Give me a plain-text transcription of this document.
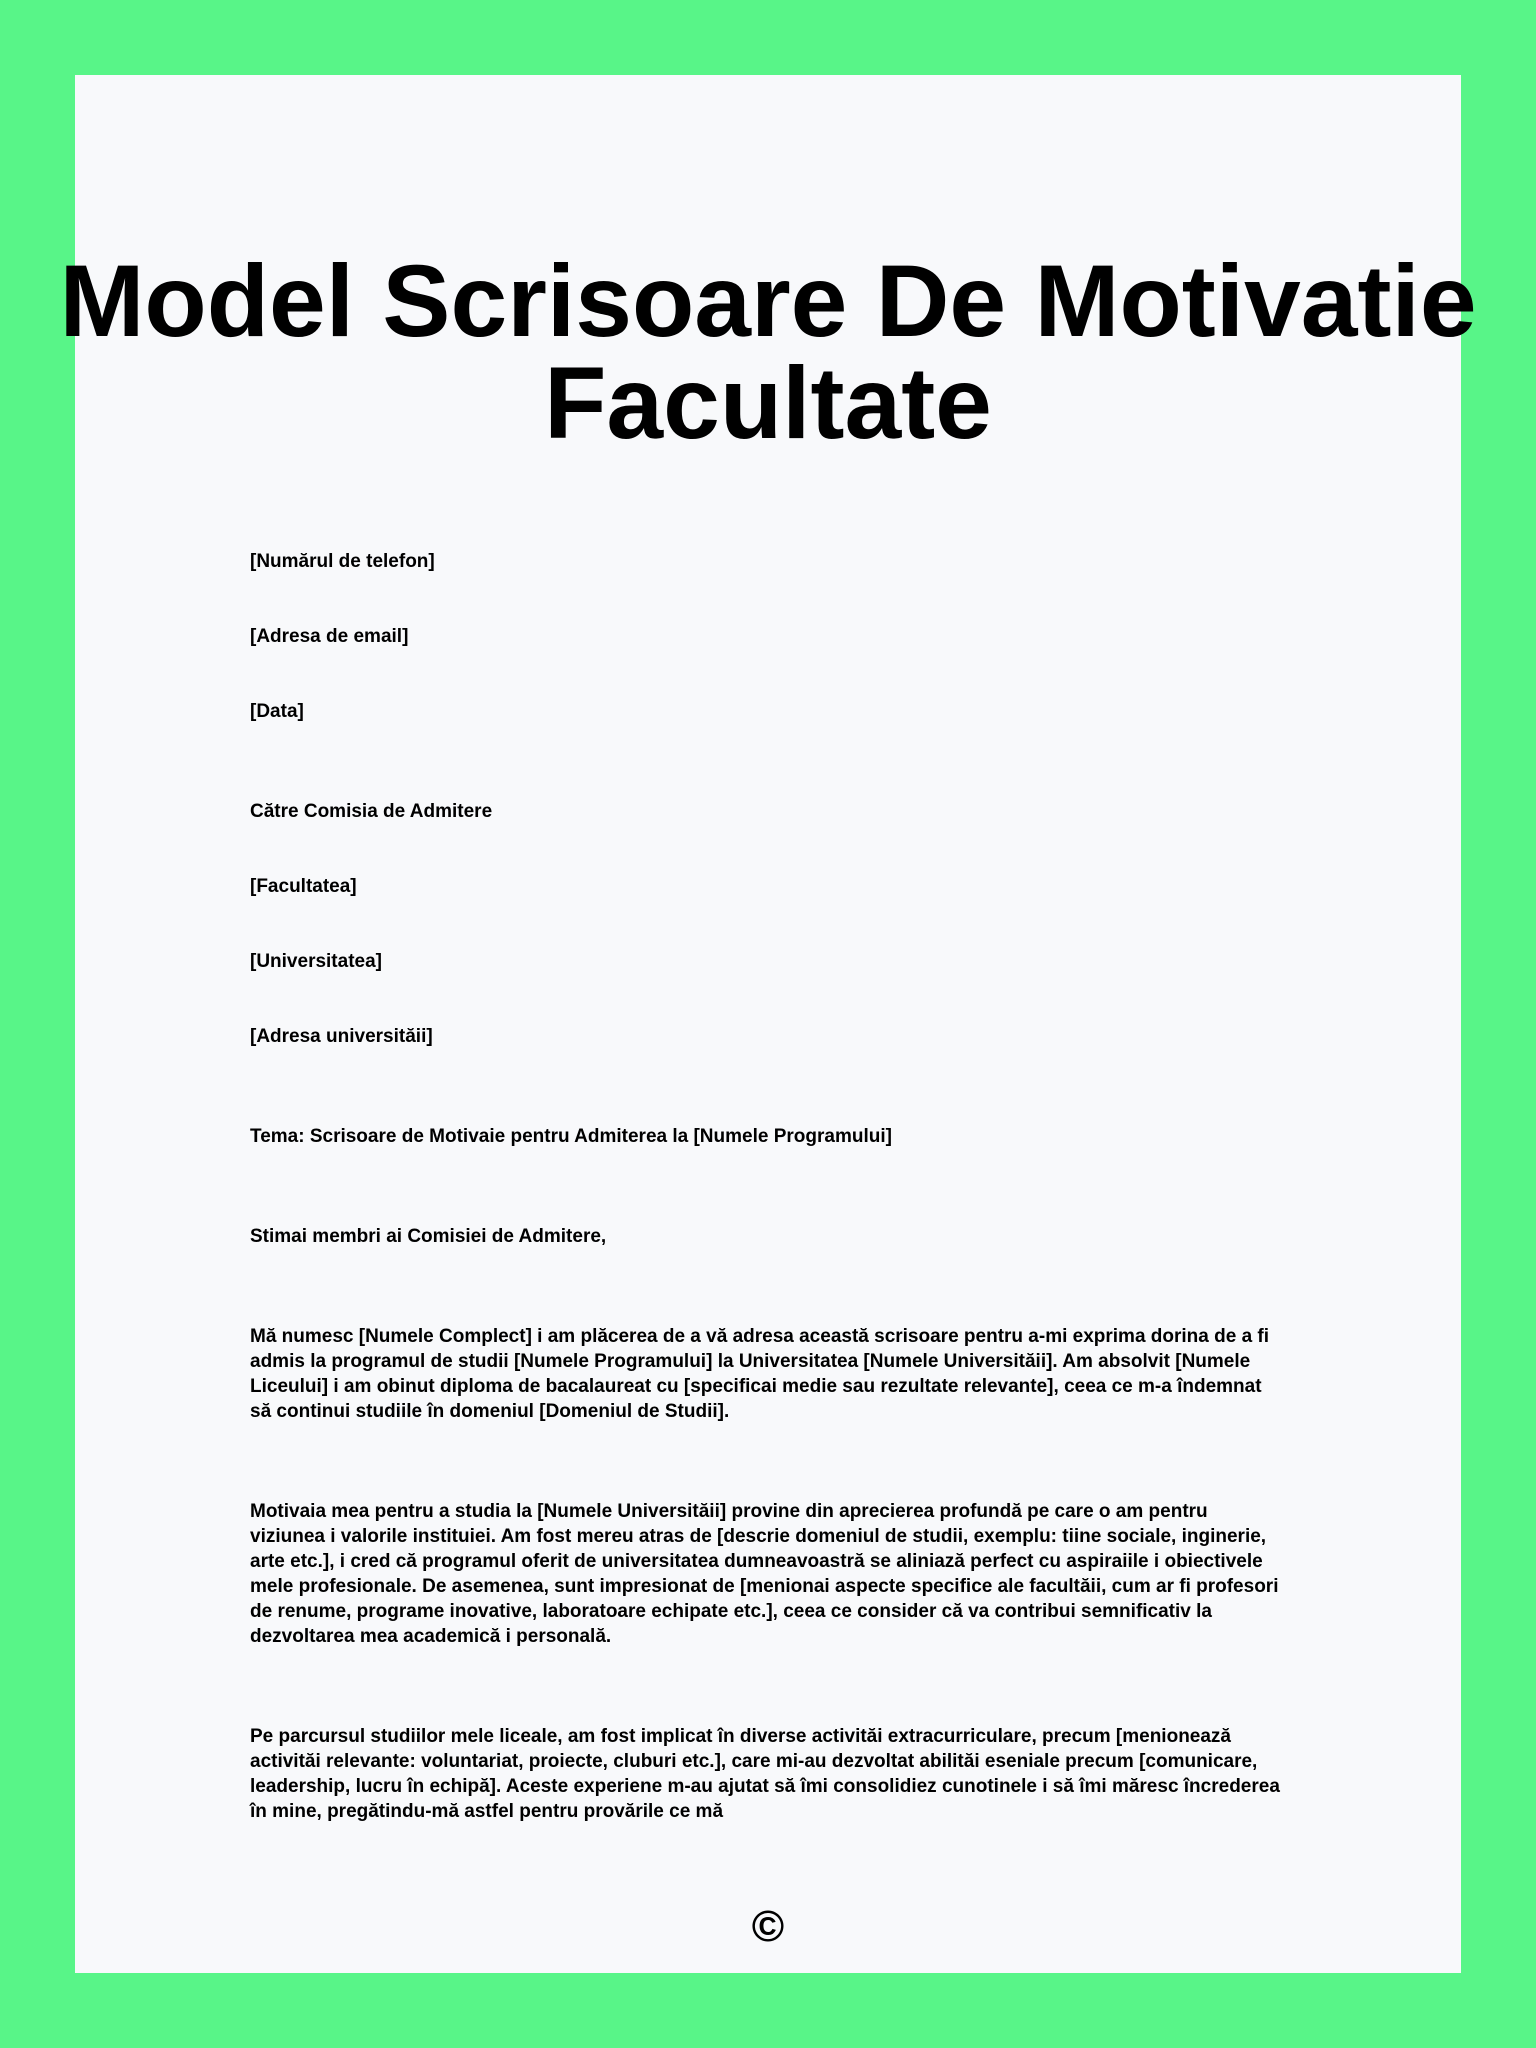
Model Scrisoare De Motivatie
Facultate

[Numărul de telefon]

[Adresa de email]

[Data]

Către Comisia de Admitere

[Facultatea]

[Universitatea]

[Adresa universităii]

Tema: Scrisoare de Motivaie pentru Admiterea la [Numele Programului]

Stimai membri ai Comisiei de Admitere,

Mă numesc [Numele Complect] i am plăcerea de a vă adresa această scrisoare pentru a-mi exprima dorina de a fi admis la programul de studii [Numele Programului] la Universitatea [Numele Universităii]. Am absolvit [Numele Liceului] i am obinut diploma de bacalaureat cu [specificai medie sau rezultate relevante], ceea ce m-a îndemnat să continui studiile în domeniul [Domeniul de Studii].

Motivaia mea pentru a studia la [Numele Universităii] provine din aprecierea profundă pe care o am pentru viziunea i valorile instituiei. Am fost mereu atras de [descrie domeniul de studii, exemplu: tiine sociale, inginerie, arte etc.], i cred că programul oferit de universitatea dumneavoastră se aliniază perfect cu aspiraiile i obiectivele mele profesionale. De asemenea, sunt impresionat de [menionai aspecte specifice ale facultăii, cum ar fi profesori de renume, programe inovative, laboratoare echipate etc.], ceea ce consider că va contribui semnificativ la dezvoltarea mea academică i personală.

Pe parcursul studiilor mele liceale, am fost implicat în diverse activităi extracurriculare, precum [menionează activităi relevante: voluntariat, proiecte, cluburi etc.], care mi-au dezvoltat abilităi eseniale precum [comunicare, leadership, lucru în echipă]. Aceste experiene m-au ajutat să îmi consolidiez cunotinele i să îmi măresc încrederea în mine, pregătindu-mă astfel pentru provările ce mă

©
